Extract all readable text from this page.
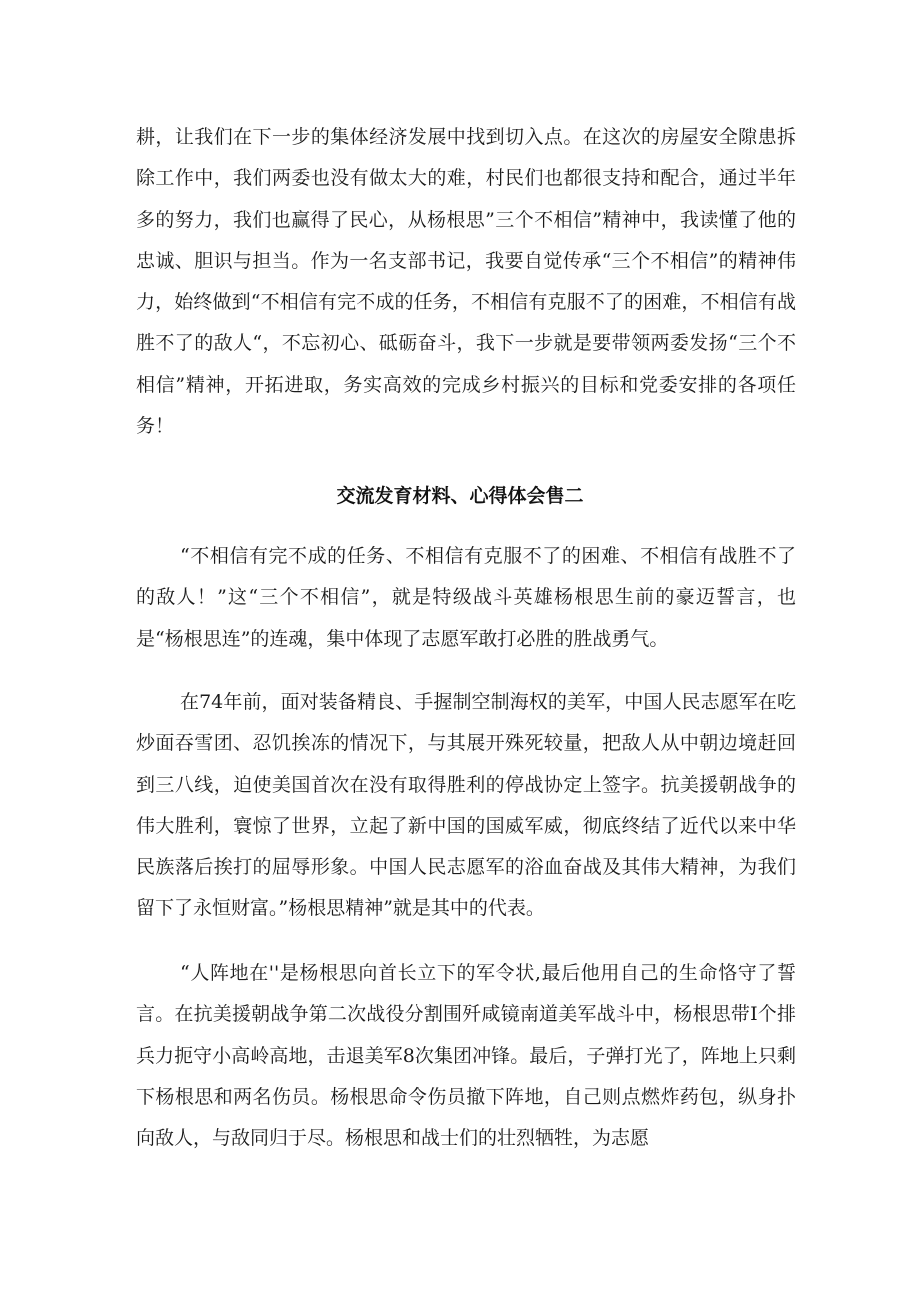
耕，让我们在下一步的集体经济发展中找到切入点。在这次的房屋安全隙患拆除工作中，我们两委也没有做太大的难，村民们也都很支持和配合，通过半年多的努力，我们也赢得了民心，从杨根思”三个不相信”精神中，我读懂了他的忠诚、胆识与担当。作为一名支部书记，我要自觉传承“三个不相信”的精神伟力，始终做到“不相信有完不成的任务，不相信有克服不了的困难，不相信有战胜不了的敌人“，不忘初心、砥砺奋斗，我下一步就是要带领两委发扬“三个不相信”精神，开拓进取，务实高效的完成乡村振兴的目标和党委安排的各项任务！

交流发育材料、心得体会售二

“不相信有完不成的任务、不相信有克服不了的困难、不相信有战胜不了的敌人！”这“三个不相信”，就是特级战斗英雄杨根思生前的豪迈誓言，也是“杨根思连”的连魂，集中体现了志愿军敢打必胜的胜战勇气。

在74年前，面对装备精良、手握制空制海权的美军，中国人民志愿军在吃炒面吞雪团、忍饥挨冻的情况下，与其展开殊死较量，把敌人从中朝边境赶回到三八线，迫使美国首次在没有取得胜利的停战协定上签字。抗美援朝战争的伟大胜利，寰惊了世界，立起了新中国的国威军威，彻底终结了近代以来中华民族落后挨打的屈辱形象。中国人民志愿军的浴血奋战及其伟大精神，为我们留下了永恒财富。”杨根思精神”就是其中的代表。

“人阵地在''是杨根思向首长立下的军令状,最后他用自己的生命恪守了誓言。在抗美援朝战争第二次战役分割围歼咸镜南道美军战斗中，杨根思带I个排兵力扼守小高岭高地，击退美军8次集团冲锋。最后，子弹打光了，阵地上只剩下杨根思和两名伤员。杨根思命令伤员撤下阵地，自己则点燃炸药包，纵身扑向敌人，与敌同归于尽。杨根思和战士们的壮烈牺牲，为志愿
